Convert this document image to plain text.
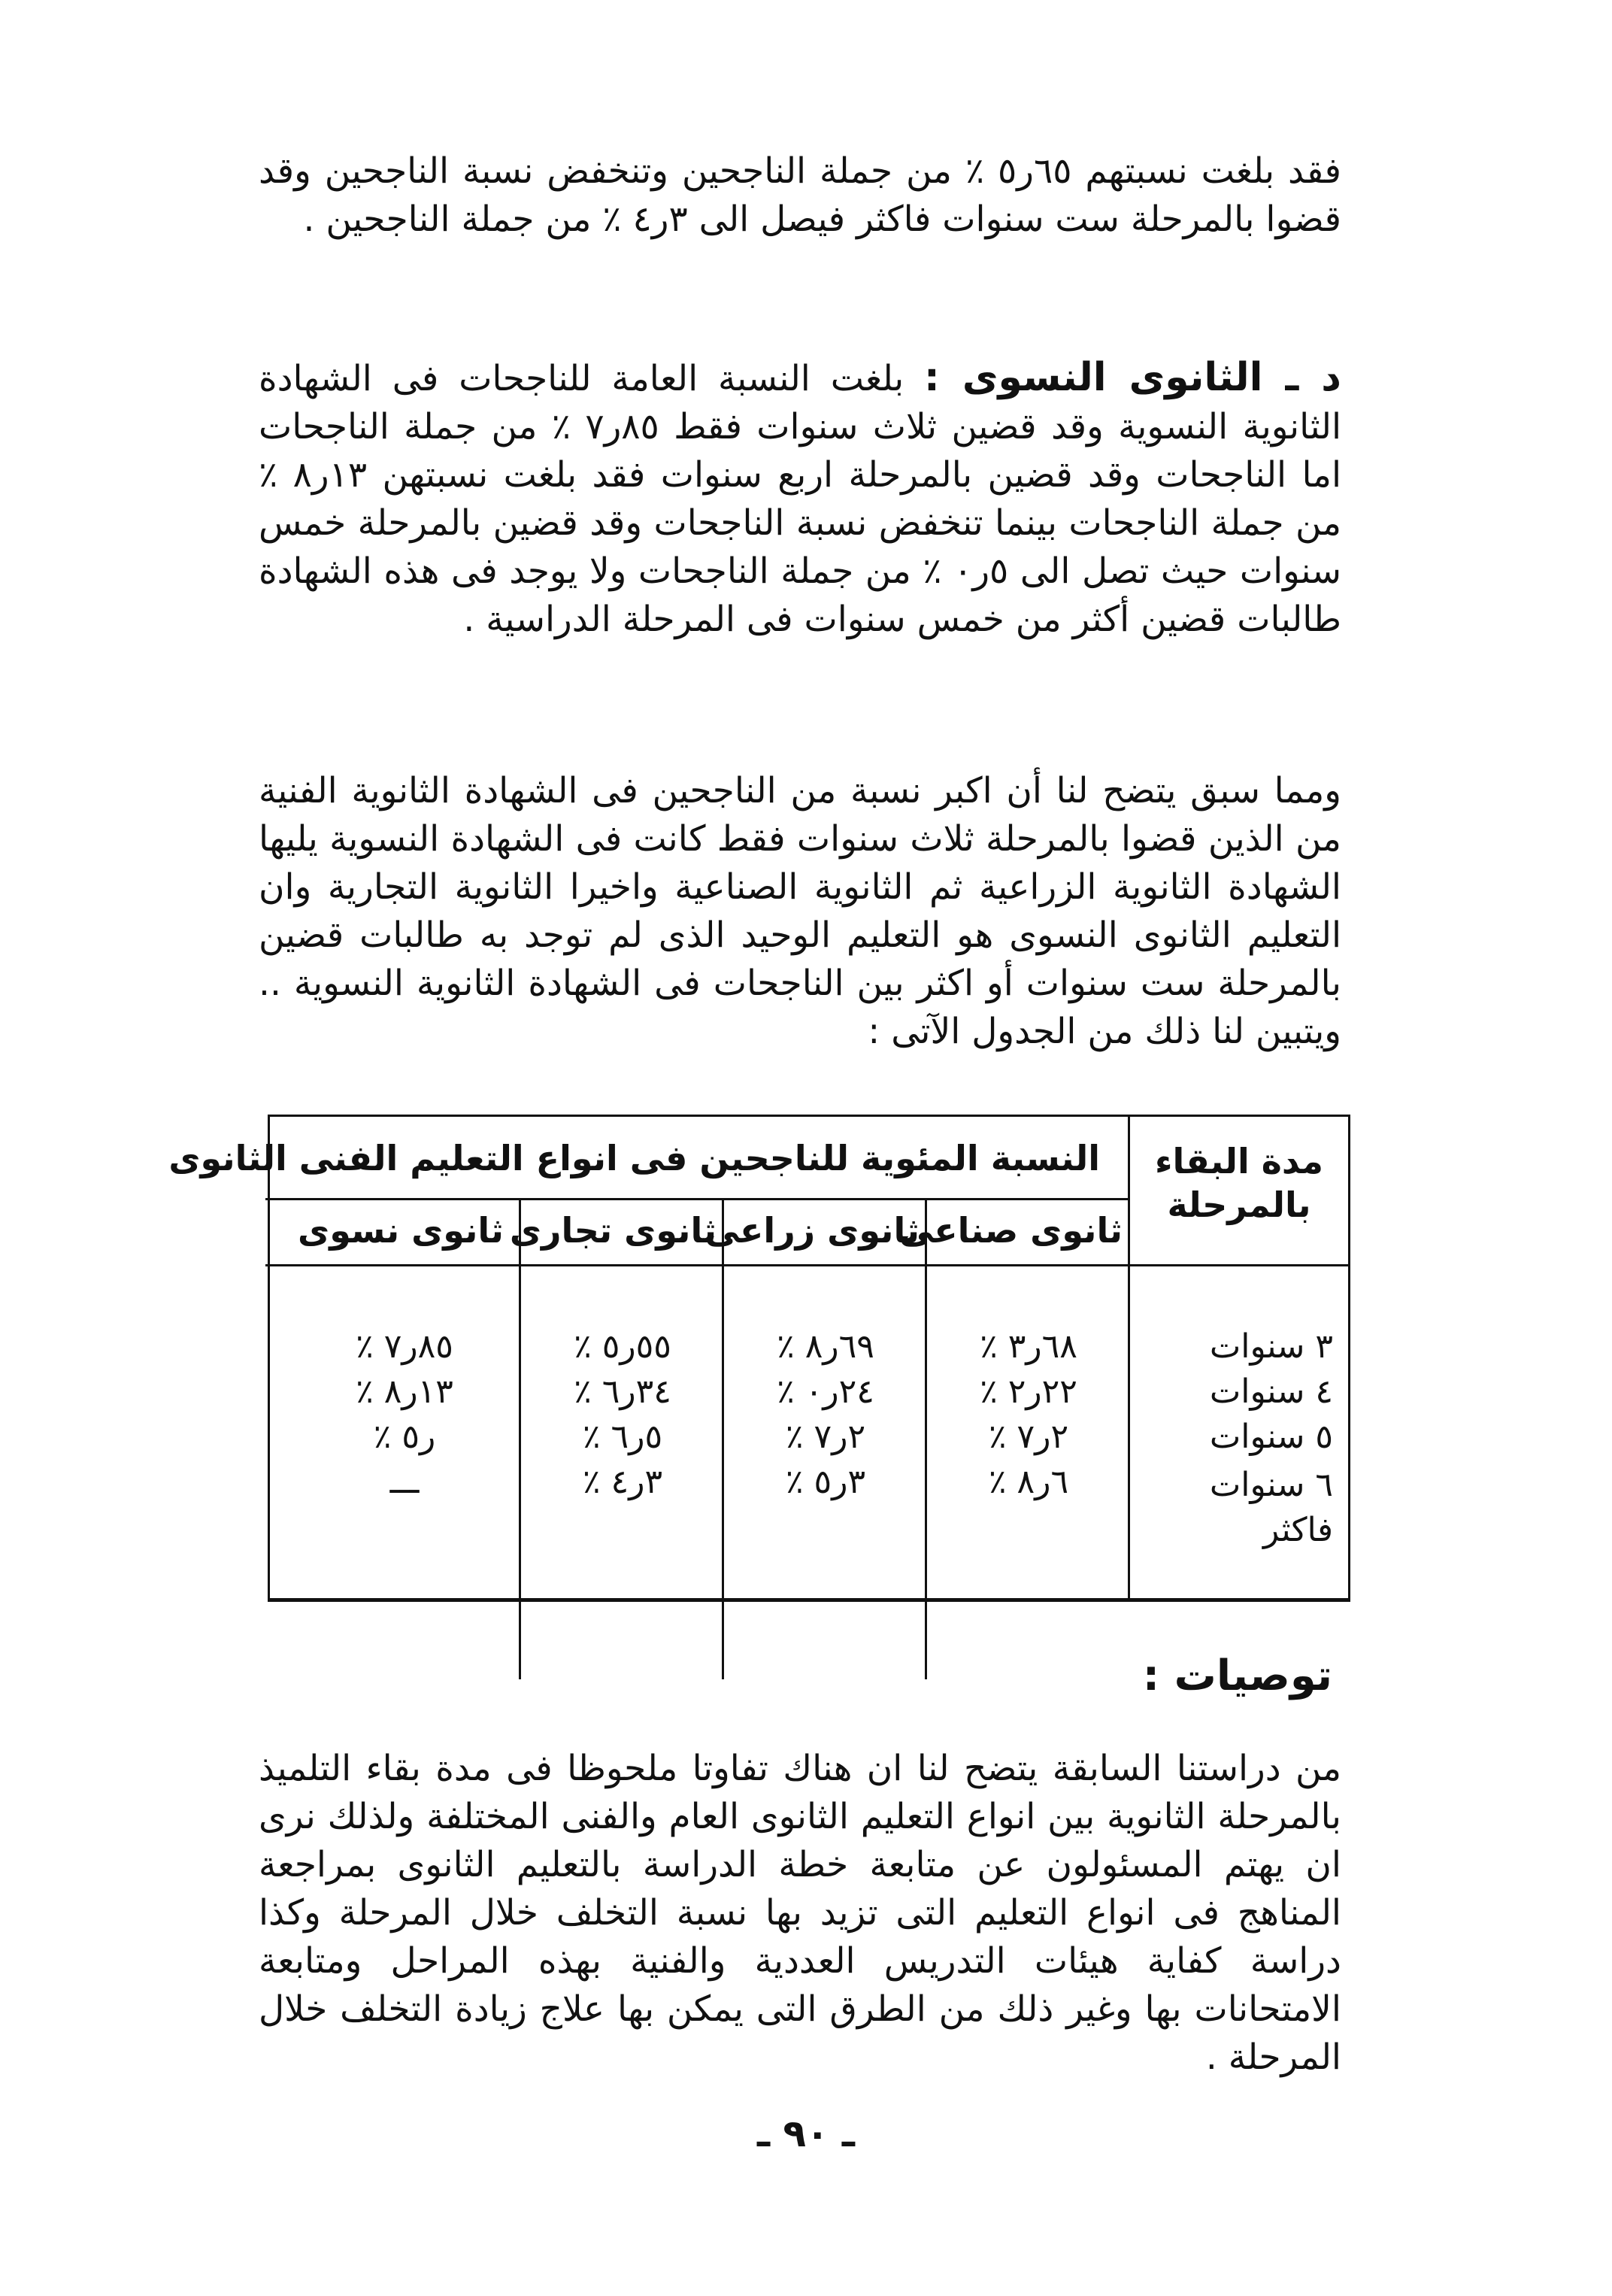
فقد بلغت نسبتهم ٦٥ر٥ ٪ من جملة الناجحين وتنخفض نسبة الناجحين وقد قضوا بالمرحلة ست سنوات فاكثر فيصل الى ٣ر٤ ٪ من جملة الناجحين .

د ـ الثانوى النسوى : بلغت النسبة العامة للناجحات فى الشهادة الثانوية النسوية وقد قضين ثلاث سنوات فقط ٨٥ر٧ ٪ من جملة الناجحات اما الناجحات وقد قضين بالمرحلة اربع سنوات فقد بلغت نسبتهن ١٣ر٨ ٪ من جملة الناجحات بينما تنخفض نسبة الناجحات وقد قضين بالمرحلة خمس سنوات حيث تصل الى ٥ر٠ ٪ من جملة الناجحات ولا يوجد فى هذه الشهادة طالبات قضين أكثر من خمس سنوات فى المرحلة الدراسية .

ومما سبق يتضح لنا أن اكبر نسبة من الناجحين فى الشهادة الثانوية الفنية من الذين قضوا بالمرحلة ثلاث سنوات فقط كانت فى الشهادة النسوية يليها الشهادة الثانوية الزراعية ثم الثانوية الصناعية واخيرا الثانوية التجارية وان التعليم الثانوى النسوى هو التعليم الوحيد الذى لم توجد به طالبات قضين بالمرحلة ست سنوات أو اكثر بين الناجحات فى الشهادة الثانوية النسوية .. ويتبين لنا ذلك من الجدول الآتى :

مدة البقاء بالمرحلة
النسبة المئوية للناجحين فى انواع التعليم الفنى الثانوى
ثانوى صناعى
ثانوى زراعى
ثانوى تجارى
ثانوى نسوى
٣ سنوات
٦٨ر٣ ٪
٦٩ر٨ ٪
٥٥ر٥ ٪
٨٥ر٧ ٪
٤ سنوات
٢٢ر٢ ٪
٢٤ر٠ ٪
٣٤ر٦ ٪
١٣ر٨ ٪
٥ سنوات
٢ر٧ ٪
٢ر٧ ٪
٥ر٦ ٪
ر٥ ٪
٦ سنوات فاكثر
٦ر٨ ٪
٣ر٥ ٪
٣ر٤ ٪
ـــ
توصيات :

من دراستنا السابقة يتضح لنا ان هناك تفاوتا ملحوظا فى مدة بقاء التلميذ بالمرحلة الثانوية بين انواع التعليم الثانوى العام والفنى المختلفة ولذلك نرى ان يهتم المسئولون عن متابعة خطة الدراسة بالتعليم الثانوى بمراجعة المناهج فى انواع التعليم التى تزيد بها نسبة التخلف خلال المرحلة وكذا دراسة كفاية هيئات التدريس العددية والفنية بهذه المراحل ومتابعة الامتحانات بها وغير ذلك من الطرق التى يمكن بها علاج زيادة التخلف خلال المرحلة .

ـ ٩٠ ـ
